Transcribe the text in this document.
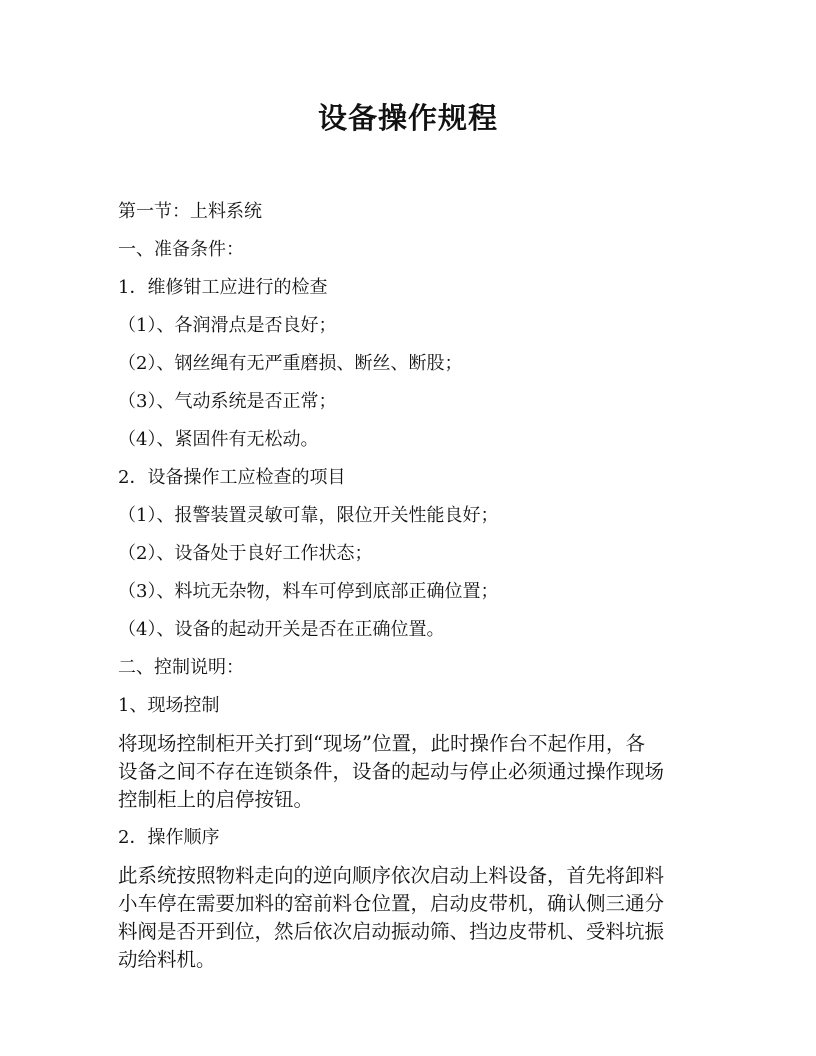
设备操作规程
第一节：上料系统
一、准备条件：
1．维修钳工应进行的检查
（1）、各润滑点是否良好；
（2）、钢丝绳有无严重磨损、断丝、断股；
（3）、气动系统是否正常；
（4）、紧固件有无松动。
2．设备操作工应检查的项目
（1）、报警装置灵敏可靠，限位开关性能良好；
（2）、设备处于良好工作状态；
（3）、料坑无杂物，料车可停到底部正确位置；
（4）、设备的起动开关是否在正确位置。
二、控制说明：
1、现场控制
将现场控制柜开关打到“现场”位置，此时操作台不起作用，各
设备之间不存在连锁条件，设备的起动与停止必须通过操作现场
控制柜上的启停按钮。
2．操作顺序
此系统按照物料走向的逆向顺序依次启动上料设备，首先将卸料
小车停在需要加料的窑前料仓位置，启动皮带机，确认侧三通分
料阀是否开到位，然后依次启动振动筛、挡边皮带机、受料坑振
动给料机。
